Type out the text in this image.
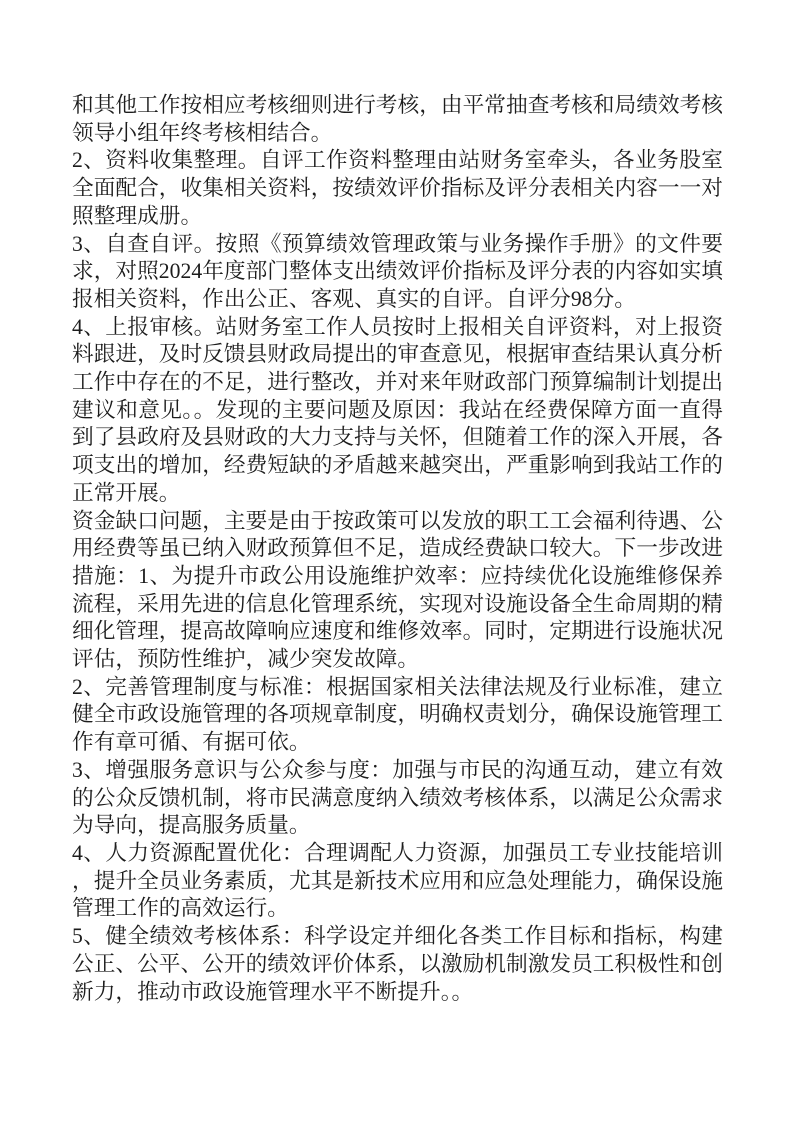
和其他工作按相应考核细则进行考核，由平常抽查考核和局绩效考核领导小组年终考核相结合。

2、资料收集整理。自评工作资料整理由站财务室牵头，各业务股室全面配合，收集相关资料，按绩效评价指标及评分表相关内容一一对照整理成册。

3、自查自评。按照《预算绩效管理政策与业务操作手册》的文件要求，对照2024年度部门整体支出绩效评价指标及评分表的内容如实填报相关资料，作出公正、客观、真实的自评。自评分98分。

4、上报审核。站财务室工作人员按时上报相关自评资料，对上报资料跟进，及时反馈县财政局提出的审查意见，根据审查结果认真分析工作中存在的不足，进行整改，并对来年财政部门预算编制计划提出建议和意见。。发现的主要问题及原因：我站在经费保障方面一直得到了县政府及县财政的大力支持与关怀，但随着工作的深入开展，各项支出的增加，经费短缺的矛盾越来越突出，严重影响到我站工作的正常开展。

资金缺口问题，主要是由于按政策可以发放的职工工会福利待遇、公用经费等虽已纳入财政预算但不足，造成经费缺口较大。下一步改进措施：1、为提升市政公用设施维护效率：应持续优化设施维修保养流程，采用先进的信息化管理系统，实现对设施设备全生命周期的精细化管理，提高故障响应速度和维修效率。同时，定期进行设施状况评估，预防性维护，减少突发故障。

2、完善管理制度与标准：根据国家相关法律法规及行业标准，建立健全市政设施管理的各项规章制度，明确权责划分，确保设施管理工作有章可循、有据可依。

3、增强服务意识与公众参与度：加强与市民的沟通互动，建立有效的公众反馈机制，将市民满意度纳入绩效考核体系，以满足公众需求为导向，提高服务质量。

4、人力资源配置优化：合理调配人力资源，加强员工专业技能培训，提升全员业务素质，尤其是新技术应用和应急处理能力，确保设施管理工作的高效运行。

5、健全绩效考核体系：科学设定并细化各类工作目标和指标，构建公正、公平、公开的绩效评价体系，以激励机制激发员工积极性和创新力，推动市政设施管理水平不断提升。。
